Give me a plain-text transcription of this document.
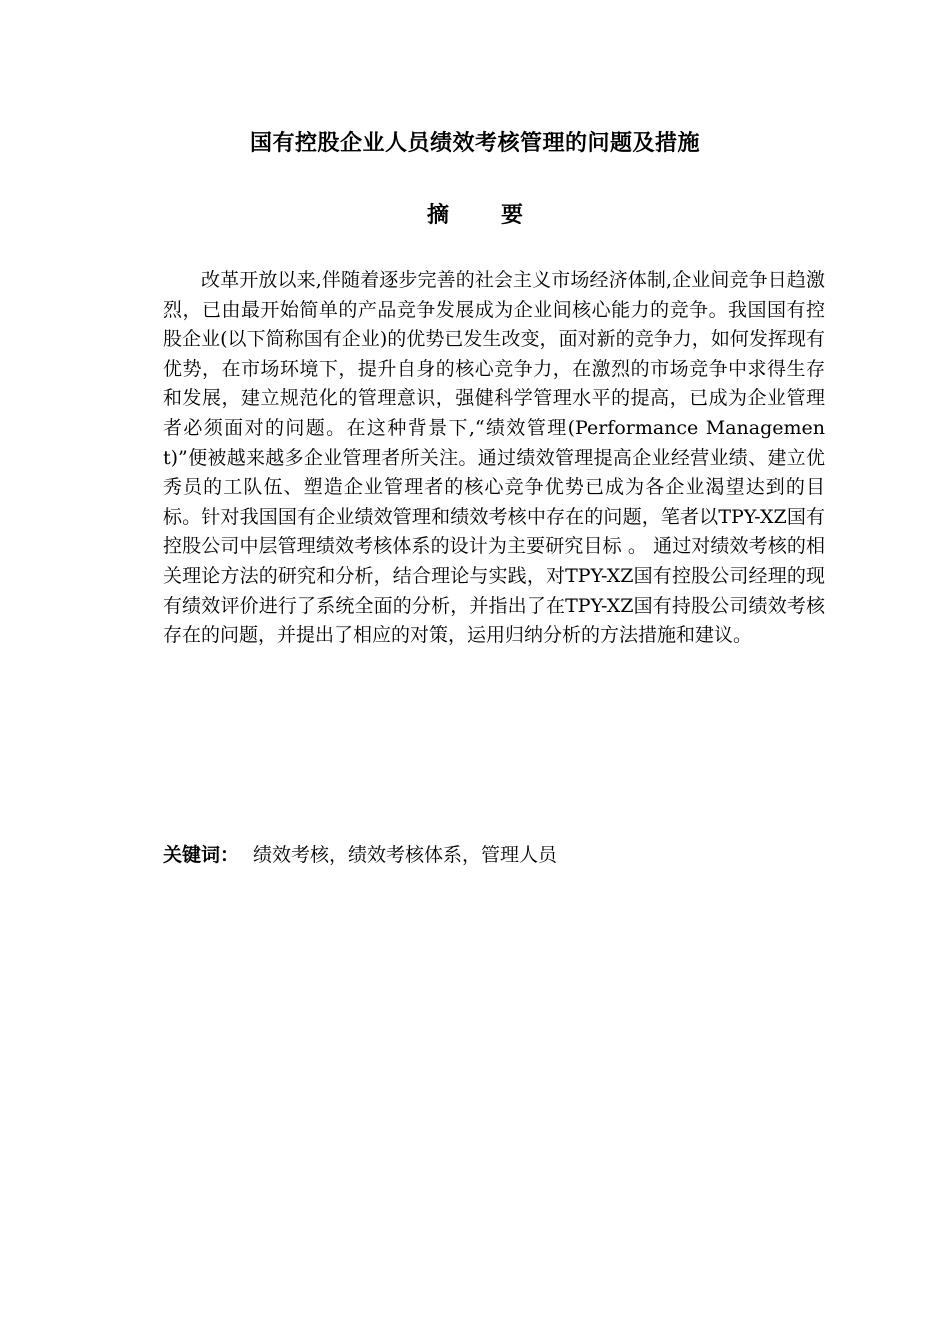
国有控股企业人员绩效考核管理的问题及措施
摘 要
改革开放以来,伴随着逐步完善的社会主义市场经济体制,企业间竞争日趋激烈，已由最开始简单的产品竞争发展成为企业间核心能力的竞争。我国国有控股企业(以下简称国有企业)的优势已发生改变，面对新的竞争力，如何发挥现有优势，在市场环境下，提升自身的核心竞争力，在激烈的市场竞争中求得生存和发展，建立规范化的管理意识，强健科学管理水平的提高，已成为企业管理者必须面对的问题。在这种背景下,“绩效管理(Performance Management)”便被越来越多企业管理者所关注。通过绩效管理提高企业经营业绩、建立优秀员的工队伍、塑造企业管理者的核心竞争优势已成为各企业渴望达到的目标。针对我国国有企业绩效管理和绩效考核中存在的问题，笔者以TPY-XZ国有控股公司中层管理绩效考核体系的设计为主要研究目标 。 通过对绩效考核的相关理论方法的研究和分析，结合理论与实践，对TPY-XZ国有控股公司经理的现有绩效评价进行了系统全面的分析，并指出了在TPY-XZ国有持股公司绩效考核存在的问题，并提出了相应的对策，运用归纳分析的方法措施和建议。
关键词： 绩效考核，绩效考核体系，管理人员
